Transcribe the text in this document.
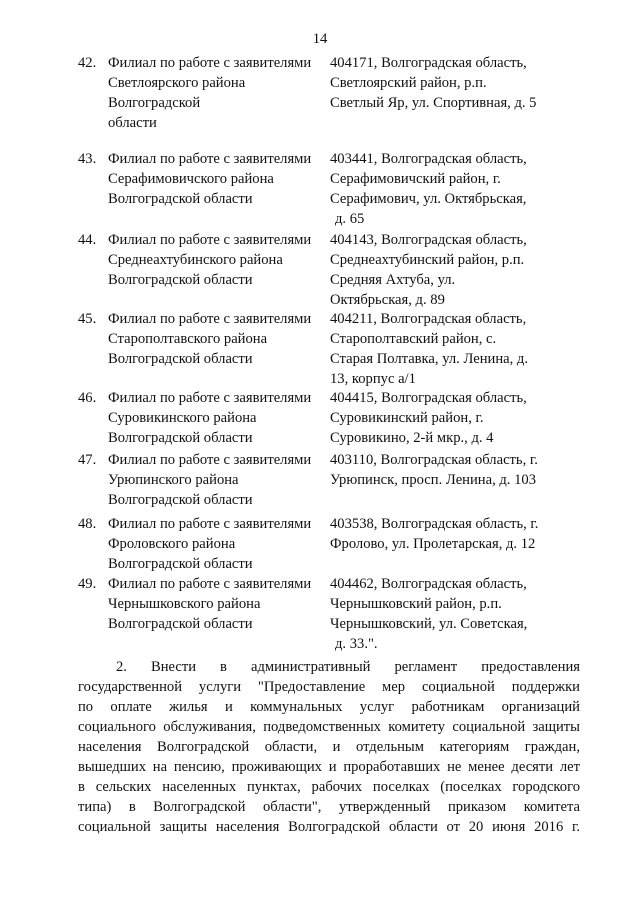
14
42. Филиал по работе с заявителями
Светлоярского района
Волгоградской
области
404171, Волгоградская область,
Светлоярский район, р.п.
Светлый Яр, ул. Спортивная, д. 5
43. Филиал по работе с заявителями
Серафимовичского района
Волгоградской области
403441, Волгоградская область,
Серафимовичский район, г.
Серафимович, ул. Октябрьская,
д. 65
44. Филиал по работе с заявителями
Среднеахтубинского района
Волгоградской области
404143, Волгоградская область,
Среднеахтубинский район, р.п.
Средняя Ахтуба, ул.
Октябрьская, д. 89
45. Филиал по работе с заявителями
Старополтавского района
Волгоградской области
404211, Волгоградская область,
Старополтавский район, с.
Старая Полтавка, ул. Ленина, д.
13, корпус а/1
46. Филиал по работе с заявителями
Суровикинского района
Волгоградской области
404415, Волгоградская область,
Суровикинский район, г.
Суровикино, 2-й мкр., д. 4
47. Филиал по работе с заявителями
Урюпинского района
Волгоградской области
403110, Волгоградская область, г.
Урюпинск, просп. Ленина, д. 103
48. Филиал по работе с заявителями
Фроловского района
Волгоградской области
403538, Волгоградская область, г.
Фролово, ул. Пролетарская, д. 12
49. Филиал по работе с заявителями
Чернышковского района
Волгоградской области
404462, Волгоградская область,
Чернышковский район, р.п.
Чернышковский, ул. Советская,
д. 33.".
2. Внести в административный регламент предоставления
государственной услуги "Предоставление мер социальной поддержки
по оплате жилья и коммунальных услуг работникам организаций
социального обслуживания, подведомственных комитету социальной защиты
населения Волгоградской области, и отдельным категориям граждан,
вышедших на пенсию, проживающих и проработавших не менее десяти лет
в сельских населенных пунктах, рабочих поселках (поселках городского
типа) в Волгоградской области", утвержденный приказом комитета
социальной защиты населения Волгоградской области от 20 июня 2016 г.
